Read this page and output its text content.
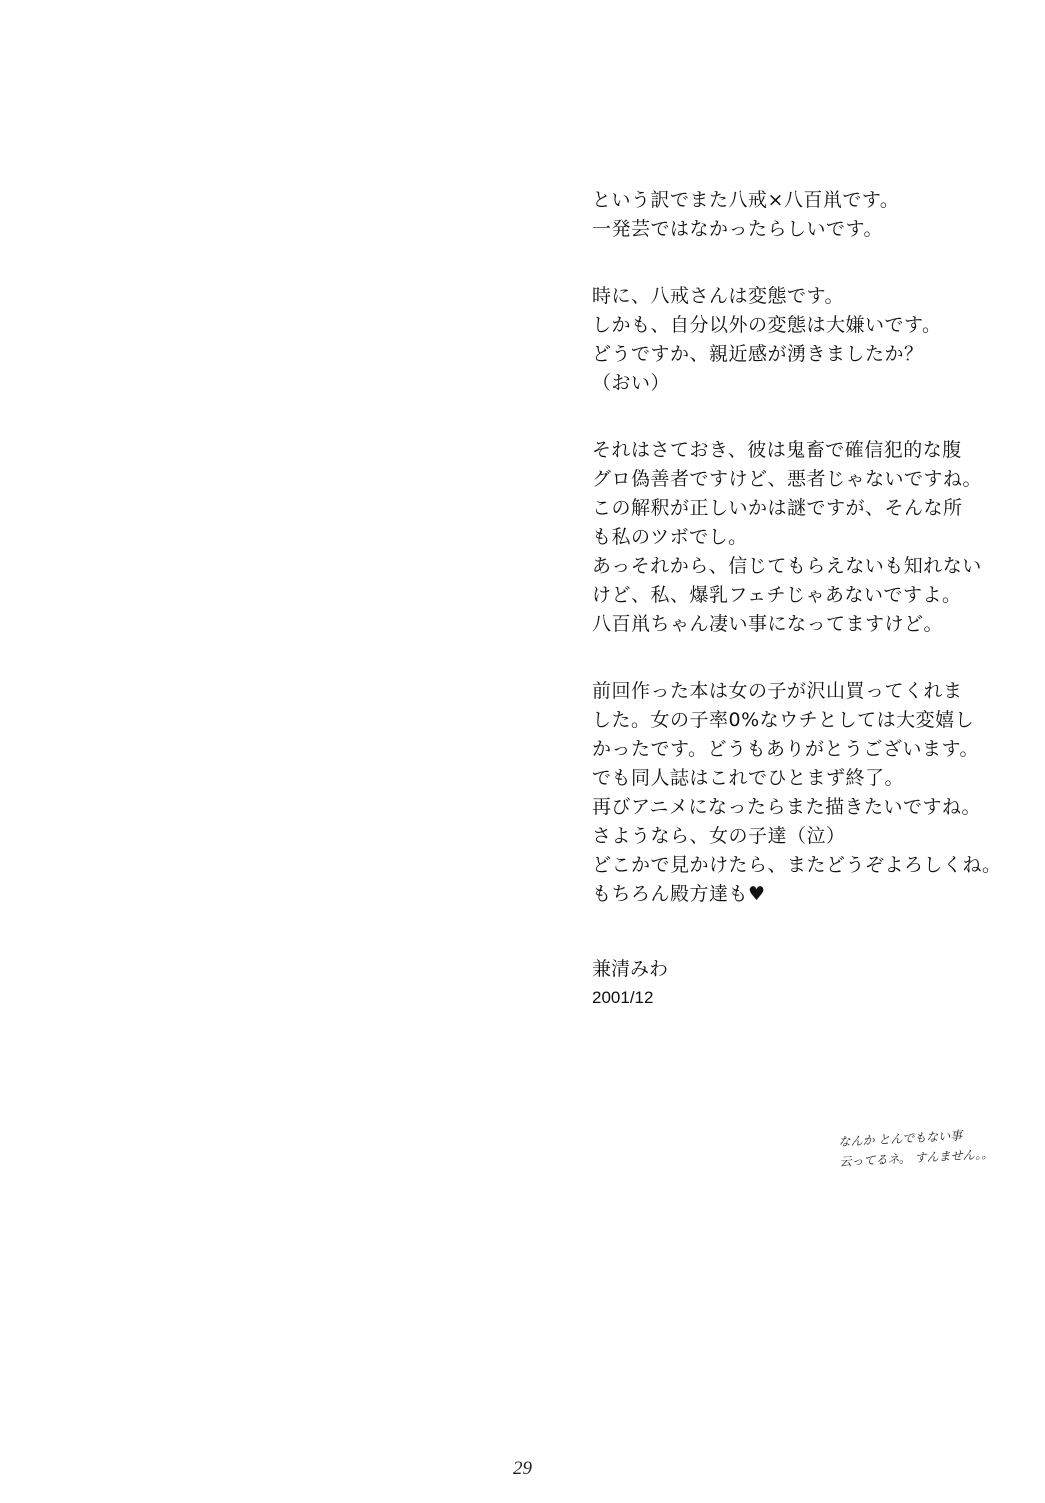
という訳でまた八戒×八百鼡です。
一発芸ではなかったらしいです。
時に、八戒さんは変態です。
しかも、自分以外の変態は大嫌いです。
どうですか、親近感が湧きましたか？
（おい）
それはさておき、彼は鬼畜で確信犯的な腹
グロ偽善者ですけど、悪者じゃないですね。
この解釈が正しいかは謎ですが、そんな所
も私のツボでし。
あっそれから、信じてもらえないも知れない
けど、私、爆乳フェチじゃあないですよ。
八百鼡ちゃん凄い事になってますけど。
前回作った本は女の子が沢山買ってくれま
した。女の子率0%なウチとしては大変嬉し
かったです。どうもありがとうございます。
でも同人誌はこれでひとまず終了。
再びアニメになったらまた描きたいですね。
さようなら、女の子達（泣）
どこかで見かけたら、またどうぞよろしくね。
もちろん殿方達も♥
兼清みわ
2001/12
なんか とんでもない事
云ってるネ。 すんません。。
29
